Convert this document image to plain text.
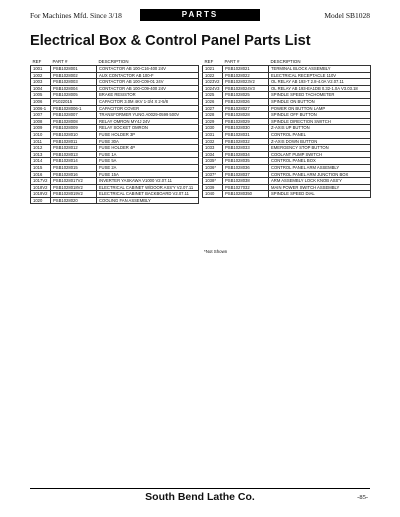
For Machines Mfd. Since 3/18	PARTS	Model SB1028
Electrical Box & Control Panel Parts List
REF	PART #	DESCRIPTION
1001	PSB1028001	CONTACTOR AB 100-C16-400 24V
1002	PSB1028002	AUX CONTACTOR AB 100-F
1003	PSB1028003	CONTACTOR AB 100-C09-01 24V
1004	PSB1028004	CONTACTOR AB 100-C09-400 24V
1005	PSB1028005	BRAKE RESISTOR
1006	P1022015	CAPACITOR 3.0M 4KV 1-3/4 X 2-5/8
1006-1	PSB1028006-1	CAPACITOR COVER
1007	PSB1028007	TRANSFORMER YUNG A0029-0599 500V
1008	PSB1028008	RELAY OMRON MY4J 24V
1009	PSB1028009	RELAY SOCKET OMRON
1010	PSB1028010	FUSE HOLDER 3P
1011	PSB1028011	FUSE 30A
1012	PSB1028012	FUSE HOLDER 4P
1013	PSB1028013	FUSE 1A
1014	PSB1028014	FUSE 5A
1015	PSB1028015	FUSE 2A
1016	PSB1028016	FUSE 15A
1017V2	PSB1028017V2	INVERTER YASKAWA V1000 V2.07.11
1018V2	PSB1028018V2	ELECTRICAL CABINET W/DOOR ASS'Y V2.07.11
1019V2	PSB1028019V2	ELECTRICAL CABINET BACKBOARD V2.07.11
1020	PSB1028020	COOLING FAN ASSEMBLY
REF	PART #	DESCRIPTION
1021	PSB1028021	TERMINAL BLOCK ASSEMBLY
1022	PSB1028022	ELECTRICAL RECEPTACLE 110V
1023V2	PSB1028023V2	OL RELAY AB 193-T 2.8-4.0A V2.07.11
1024V3	PSB1028024V3	OL RELAY AB 193-EA1DB 0.32-1.0A V3.03.18
1025	PSB1028025	SPINDLE SPEED TACHOMETER
1026	PSB1028026	SPINDLE ON BUTTON
1027	PSB1028027	POWER ON BUTTON LAMP
1028	PSB1028028	SPINDLE OFF BUTTON
1029	PSB1028029	SPINDLE DIRECTION SWITCH
1030	PSB1028030	Z-AXIS UP BUTTON
1031	PSB1028031	CONTROL PANEL
1032	PSB1028032	Z-AXIS DOWN BUTTON
1033	PSB1028033	EMERGENCY STOP BUTTON
1034	PSB1028034	COOLANT PUMP SWITCH
1035*	PSB1028035	CONTROL PANEL BOX
1036*	PSB1028036	CONTROL PANEL ARM ASSEMBLY
1037*	PSB1028037	CONTROL PANEL ARM JUNCTION BOX
1038*	PSB1028038	ARM ASSEMBLY LOCK KNOB ASS'Y
1039	PSB1027032	MAIN POWER SWITCH ASSEMBLY
1040	PSB10280350	SPINDLE SPEED DIAL
*Not Shown
South Bend Lathe Co.	-85-
